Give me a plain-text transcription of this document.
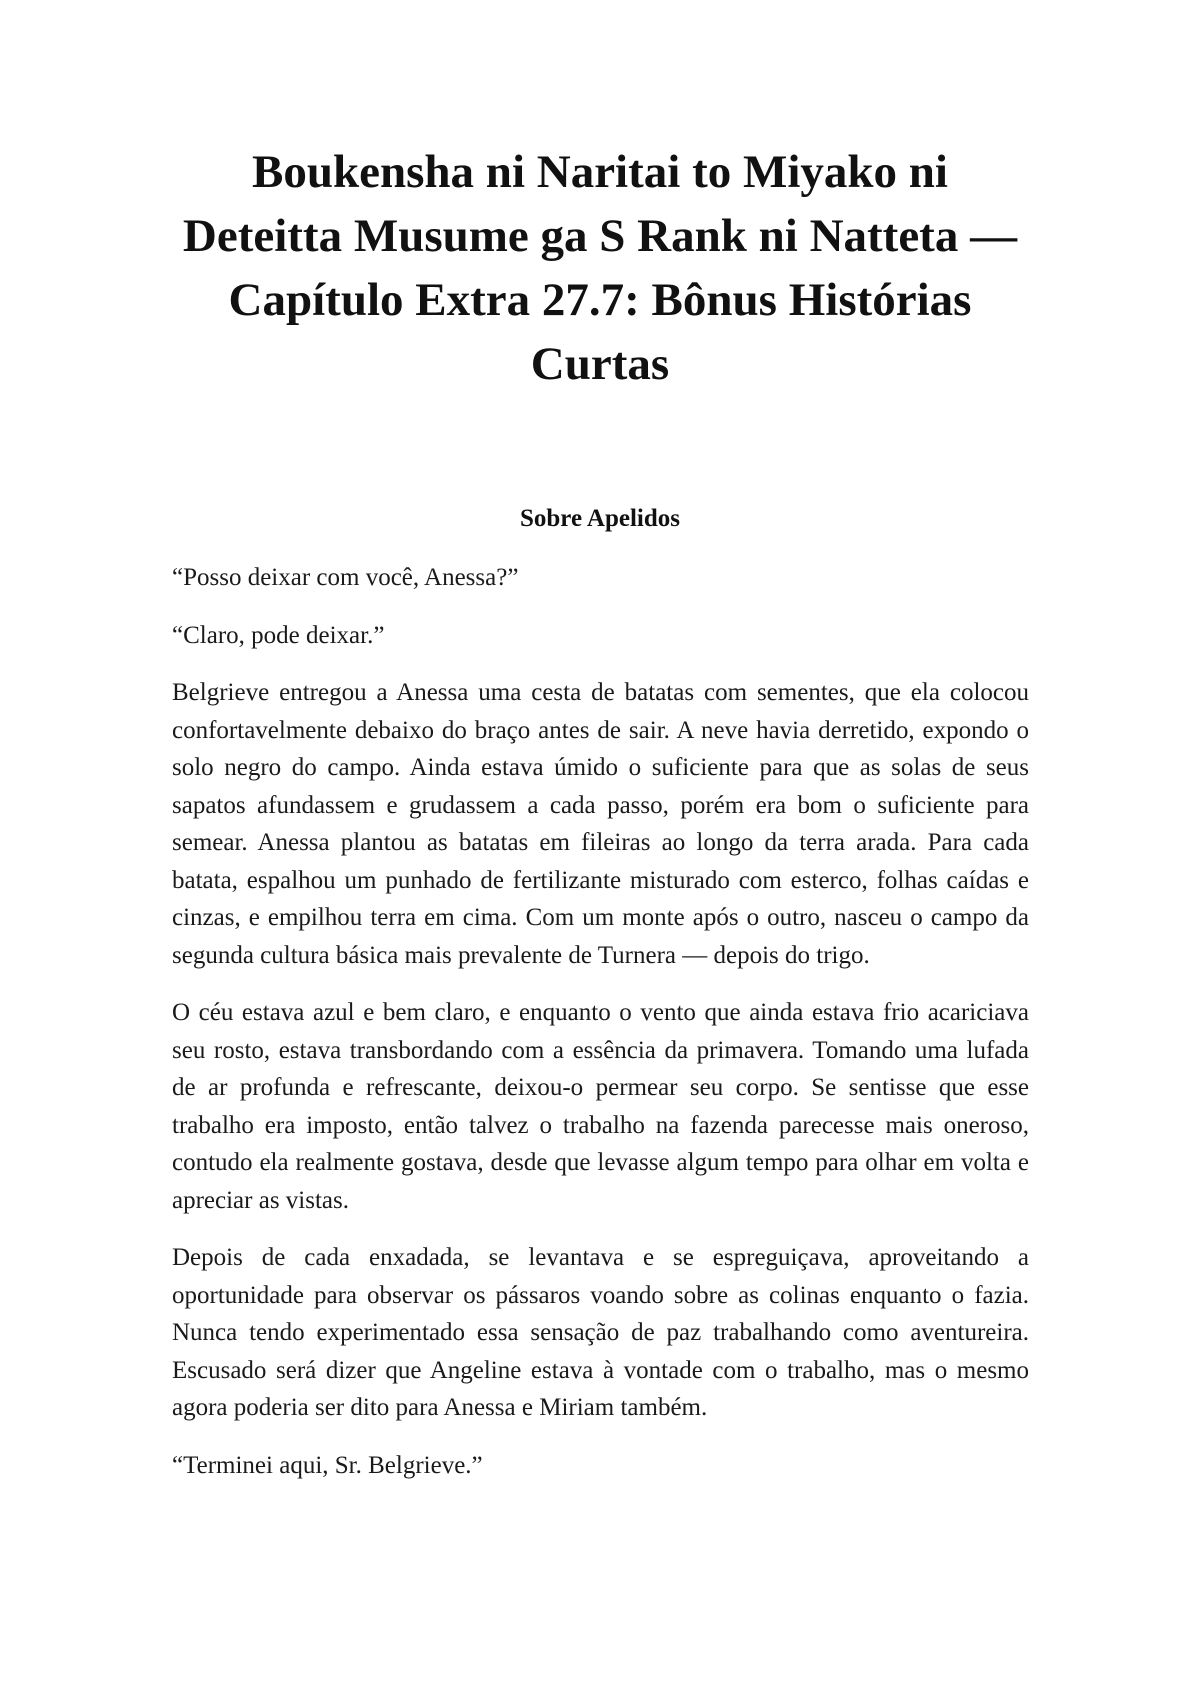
Boukensha ni Naritai to Miyako ni Deteitta Musume ga S Rank ni Natteta — Capítulo Extra 27.7: Bônus Histórias Curtas
Sobre Apelidos

“Posso deixar com você, Anessa?”

“Claro, pode deixar.”

Belgrieve entregou a Anessa uma cesta de batatas com sementes, que ela colocou confortavelmente debaixo do braço antes de sair. A neve havia derretido, expondo o solo negro do campo. Ainda estava úmido o suficiente para que as solas de seus sapatos afundassem e grudassem a cada passo, porém era bom o suficiente para semear. Anessa plantou as batatas em fileiras ao longo da terra arada. Para cada batata, espalhou um punhado de fertilizante misturado com esterco, folhas caídas e cinzas, e empilhou terra em cima. Com um monte após o outro, nasceu o campo da segunda cultura básica mais prevalente de Turnera — depois do trigo.

O céu estava azul e bem claro, e enquanto o vento que ainda estava frio acariciava seu rosto, estava transbordando com a essência da primavera. Tomando uma lufada de ar profunda e refrescante, deixou-o permear seu corpo. Se sentisse que esse trabalho era imposto, então talvez o trabalho na fazenda parecesse mais oneroso, contudo ela realmente gostava, desde que levasse algum tempo para olhar em volta e apreciar as vistas.

Depois de cada enxadada, se levantava e se espreguiçava, aproveitando a oportunidade para observar os pássaros voando sobre as colinas enquanto o fazia. Nunca tendo experimentado essa sensação de paz trabalhando como aventureira. Escusado será dizer que Angeline estava à vontade com o trabalho, mas o mesmo agora poderia ser dito para Anessa e Miriam também.

“Terminei aqui, Sr. Belgrieve.”
